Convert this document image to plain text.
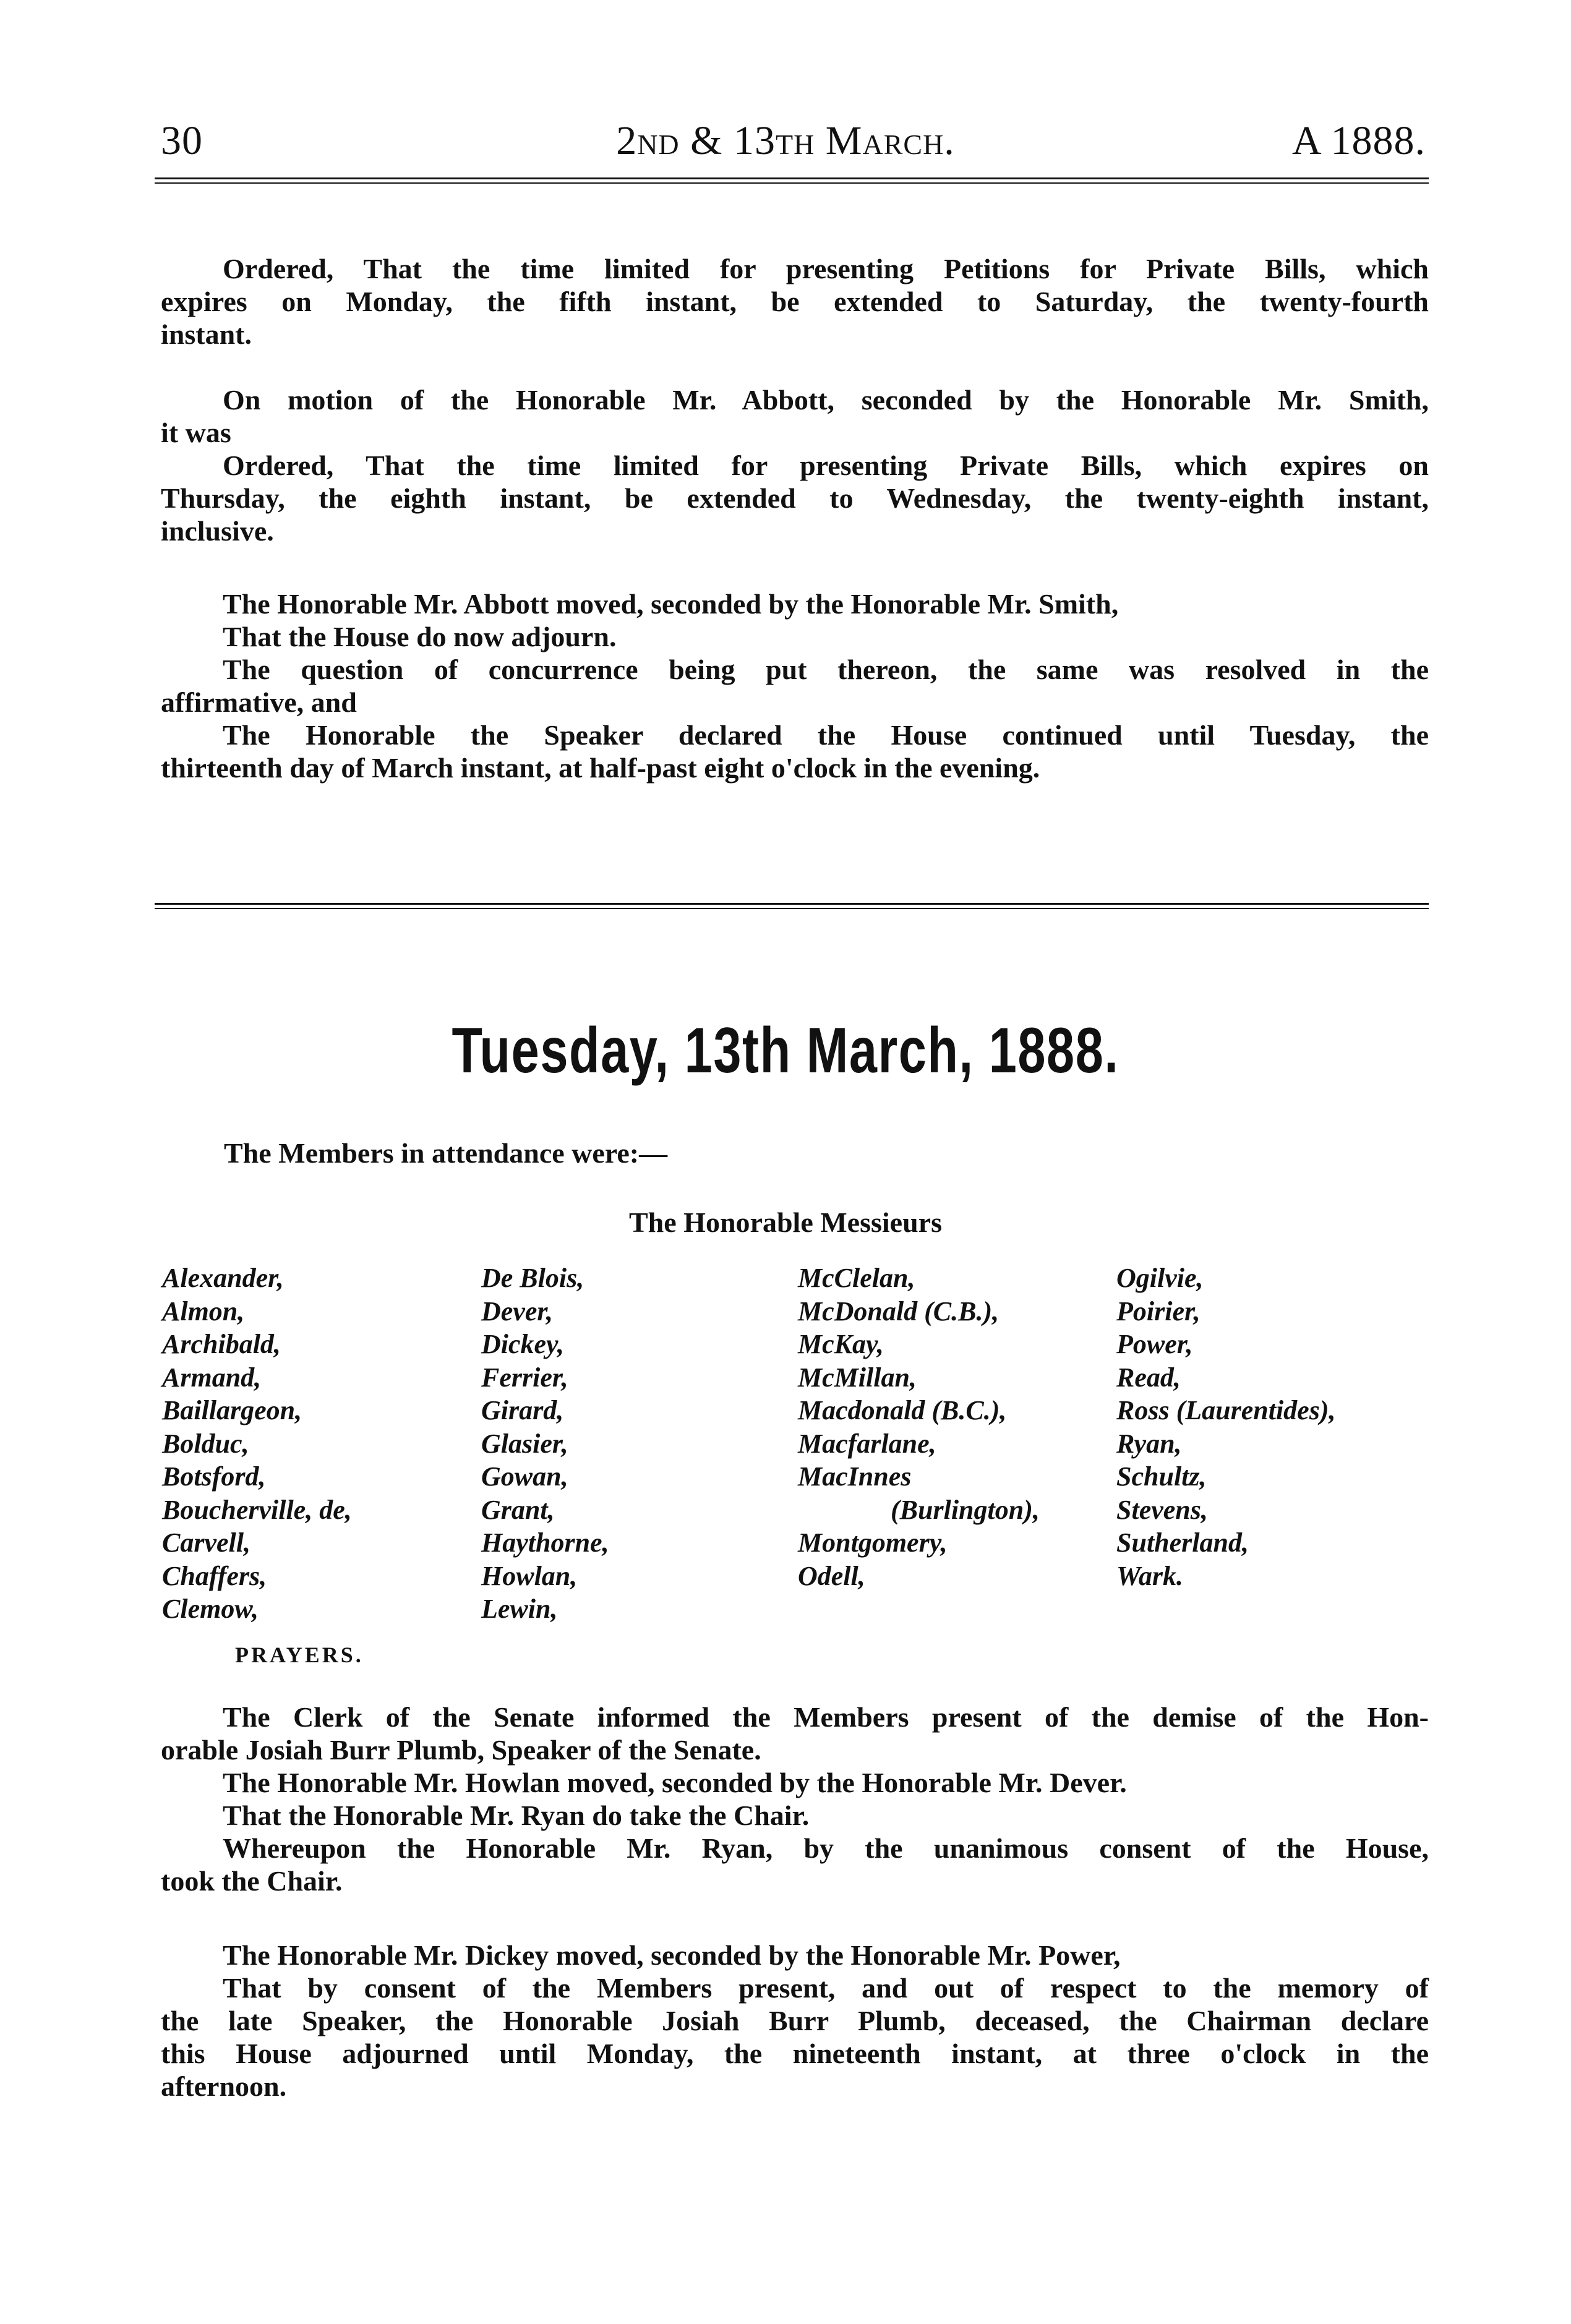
30	2nd & 13th March.	A 1888.
Ordered, That the time limited for presenting Petitions for Private Bills, which
expires on Monday, the fifth instant, be extended to Saturday, the twenty-fourth
instant.
On motion of the Honorable Mr. Abbott, seconded by the Honorable Mr. Smith,
it was
Ordered, That the time limited for presenting Private Bills, which expires on
Thursday, the eighth instant, be extended to Wednesday, the twenty-eighth instant,
inclusive.
The Honorable Mr. Abbott moved, seconded by the Honorable Mr. Smith,
That the House do now adjourn.
The question of concurrence being put thereon, the same was resolved in the
affirmative, and
The Honorable the Speaker declared the House continued until Tuesday, the
thirteenth day of March instant, at half-past eight o'clock in the evening.
Tuesday, 13th March, 1888.
The Members in attendance were:—
The Honorable Messieurs
Alexander,
Almon,
Archibald,
Armand,
Baillargeon,
Bolduc,
Botsford,
Boucherville, de,
Carvell,
Chaffers,
Clemow,
De Blois,
Dever,
Dickey,
Ferrier,
Girard,
Glasier,
Gowan,
Grant,
Haythorne,
Howlan,
Lewin,
McClelan,
McDonald (C.B.),
McKay,
McMillan,
Macdonald (B.C.),
Macfarlane,
MacInnes
(Burlington),
Montgomery,
Odell,
Ogilvie,
Poirier,
Power,
Read,
Ross (Laurentides),
Ryan,
Schultz,
Stevens,
Sutherland,
Wark.
PRAYERS.
The Clerk of the Senate informed the Members present of the demise of the Hon-
orable Josiah Burr Plumb, Speaker of the Senate.
The Honorable Mr. Howlan moved, seconded by the Honorable Mr. Dever.
That the Honorable Mr. Ryan do take the Chair.
Whereupon the Honorable Mr. Ryan, by the unanimous consent of the House,
took the Chair.
The Honorable Mr. Dickey moved, seconded by the Honorable Mr. Power,
That by consent of the Members present, and out of respect to the memory of
the late Speaker, the Honorable Josiah Burr Plumb, deceased, the Chairman declare
this House adjourned until Monday, the nineteenth instant, at three o'clock in the
afternoon.
